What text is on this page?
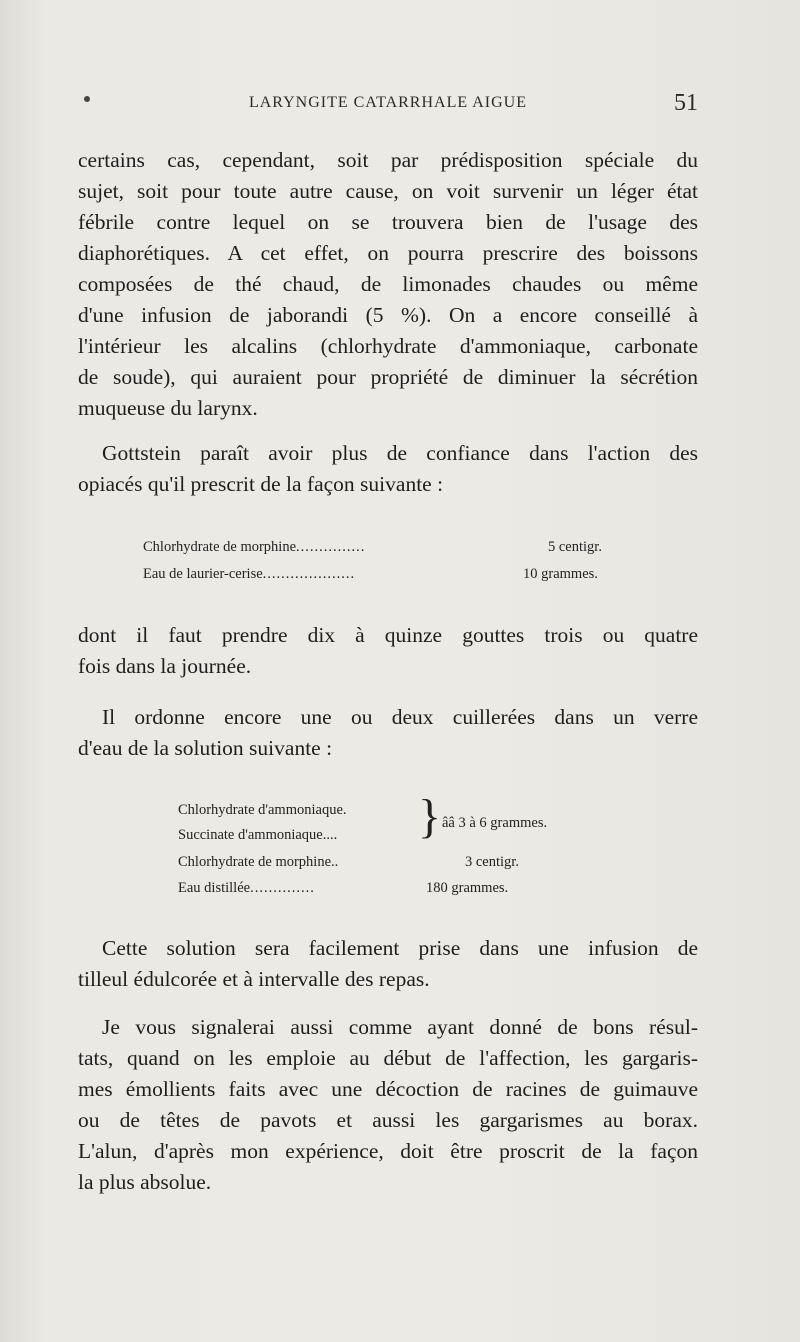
LARYNGITE CATARRHALE AIGUE	51

certains cas, cependant, soit par prédisposition spéciale du
sujet, soit pour toute autre cause, on voit survenir un léger état
fébrile contre lequel on se trouvera bien de l'usage des
diaphorétiques. A cet effet, on pourra prescrire des boissons
composées de thé chaud, de limonades chaudes ou même
d'une infusion de jaborandi (5 %). On a encore conseillé à
l'intérieur les alcalins (chlorhydrate d'ammoniaque, carbonate
de soude), qui auraient pour propriété de diminuer la sécrétion
muqueuse du larynx.

Gottstein paraît avoir plus de confiance dans l'action des
opiacés qu'il prescrit de la façon suivante :

Chlorhydrate de morphine...............	5 centigr.
Eau de laurier-cerise....................	10 grammes.

dont il faut prendre dix à quinze gouttes trois ou quatre
fois dans la journée.

Il ordonne encore une ou deux cuillerées dans un verre
d'eau de la solution suivante :

Chlorhydrate d'ammoniaque.
Succinate d'ammoniaque.... } ââ 3 à 6 grammes.
Chlorhydrate de morphine..	3 centigr.
Eau distillée..............	180 grammes.

Cette solution sera facilement prise dans une infusion de
tilleul édulcorée et à intervalle des repas.

Je vous signalerai aussi comme ayant donné de bons résul-
tats, quand on les emploie au début de l'affection, les gargaris-
mes émollients faits avec une décoction de racines de guimauve
ou de têtes de pavots et aussi les gargarismes au borax.
L'alun, d'après mon expérience, doit être proscrit de la façon
la plus absolue.
